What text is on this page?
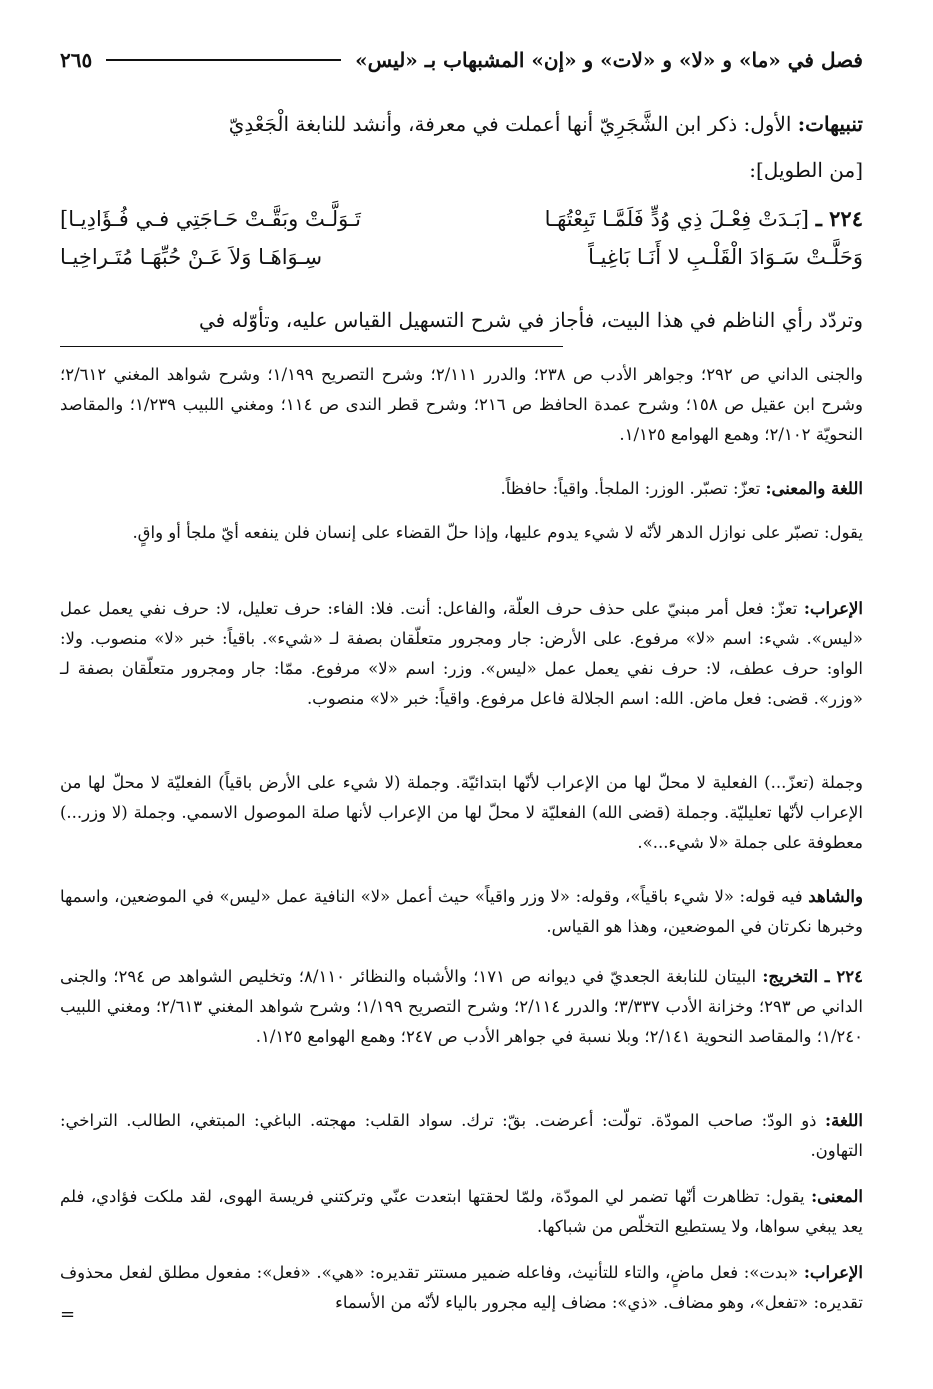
فصل في «ما» و «لا» و «لات» و «إن» المشبهاب بـ «ليس»
٢٦٥
تنبيهات: الأول: ذكر ابن الشَّجَرِيّ أنها أعملت في معرفة، وأنشد للنابغة الْجَعْدِيّ
[من الطويل]:
٢٢٤ ـ [بَـدَتْ فِعْـلَ ذِي وُدٍّ فَلَمَّـا تَبِعْتُهَـا
تَـوَلَّـتْ وبَقَّـتْ حَـاجَتِي فـي فُـؤَادِيـا]
وَحَلَّـتْ سَـوَادَ الْقَلْـبِ لا أَنَـا بَاغِيـاً
سِـوَاهَـا وَلاَ عَـنْ حُبِّهَـا مُتَـراخِيـا
وتردّد رأي الناظم في هذا البيت، فأجاز في شرح التسهيل القياس عليه، وتأوّله في
والجنى الداني ص ٢٩٢؛ وجواهر الأدب ص ٢٣٨؛ والدرر ٢/١١١؛ وشرح التصريح ١/١٩٩؛ وشرح شواهد المغني ٢/٦١٢؛ وشرح ابن عقيل ص ١٥٨؛ وشرح عمدة الحافظ ص ٢١٦؛ وشرح قطر الندى ص ١١٤؛ ومغني اللبيب ١/٢٣٩؛ والمقاصد النحويّة ٢/١٠٢؛ وهمع الهوامع ١/١٢٥.
اللغة والمعنى: تعزّ: تصبّر. الوزر: الملجأ. واقياً: حافظاً.
يقول: تصبّر على نوازل الدهر لأنّه لا شيء يدوم عليها، وإذا حلّ القضاء على إنسان فلن ينفعه أيّ ملجأ أو واقٍ.
الإعراب: تعزّ: فعل أمر مبنيّ على حذف حرف العلّة، والفاعل: أنت. فلا: الفاء: حرف تعليل، لا: حرف نفي يعمل عمل «ليس». شيء: اسم «لا» مرفوع. على الأرض: جار ومجرور متعلّقان بصفة لـ «شيء». باقياً: خبر «لا» منصوب. ولا: الواو: حرف عطف، لا: حرف نفي يعمل عمل «ليس». وزر: اسم «لا» مرفوع. ممّا: جار ومجرور متعلّقان بصفة لـ «وزر». قضى: فعل ماض. الله: اسم الجلالة فاعل مرفوع. واقياً: خبر «لا» منصوب.
وجملة (تعزّ...) الفعلية لا محلّ لها من الإعراب لأنّها ابتدائيّة. وجملة (لا شيء على الأرض باقياً) الفعليّة لا محلّ لها من الإعراب لأنّها تعليليّة. وجملة (قضى الله) الفعليّة لا محلّ لها من الإعراب لأنها صلة الموصول الاسمي. وجملة (لا وزر...) معطوفة على جملة «لا شيء...».
والشاهد فيه قوله: «لا شيء باقياً»، وقوله: «لا وزر واقياً» حيث أعمل «لا» النافية عمل «ليس» في الموضعين، واسمها وخبرها نكرتان في الموضعين، وهذا هو القياس.
٢٢٤ ـ التخريج: البيتان للنابغة الجعديّ في ديوانه ص ١٧١؛ والأشباه والنظائر ٨/١١٠؛ وتخليص الشواهد ص ٢٩٤؛ والجنى الداني ص ٢٩٣؛ وخزانة الأدب ٣/٣٣٧؛ والدرر ٢/١١٤؛ وشرح التصريح ١/١٩٩؛ وشرح شواهد المغني ٢/٦١٣؛ ومغني اللبيب ١/٢٤٠؛ والمقاصد النحوية ٢/١٤١؛ وبلا نسبة في جواهر الأدب ص ٢٤٧؛ وهمع الهوامع ١/١٢٥.
اللغة: ذو الودّ: صاحب المودّة. تولّت: أعرضت. بقّ: ترك. سواد القلب: مهجته. الباغي: المبتغي، الطالب. التراخي: التهاون.
المعنى: يقول: تظاهرت أنّها تضمر لي المودّة، ولمّا لحقتها ابتعدت عنّي وتركتني فريسة الهوى، لقد ملكت فؤادي، فلم يعد يبغي سواها، ولا يستطيع التخلّص من شباكها.
الإعراب: «بدت»: فعل ماضٍ، والتاء للتأنيث، وفاعله ضمير مستتر تقديره: «هي». «فعل»: مفعول مطلق لفعل محذوف تقديره: «تفعل»، وهو مضاف. «ذي»: مضاف إليه مجرور بالياء لأنّه من الأسماء
=
